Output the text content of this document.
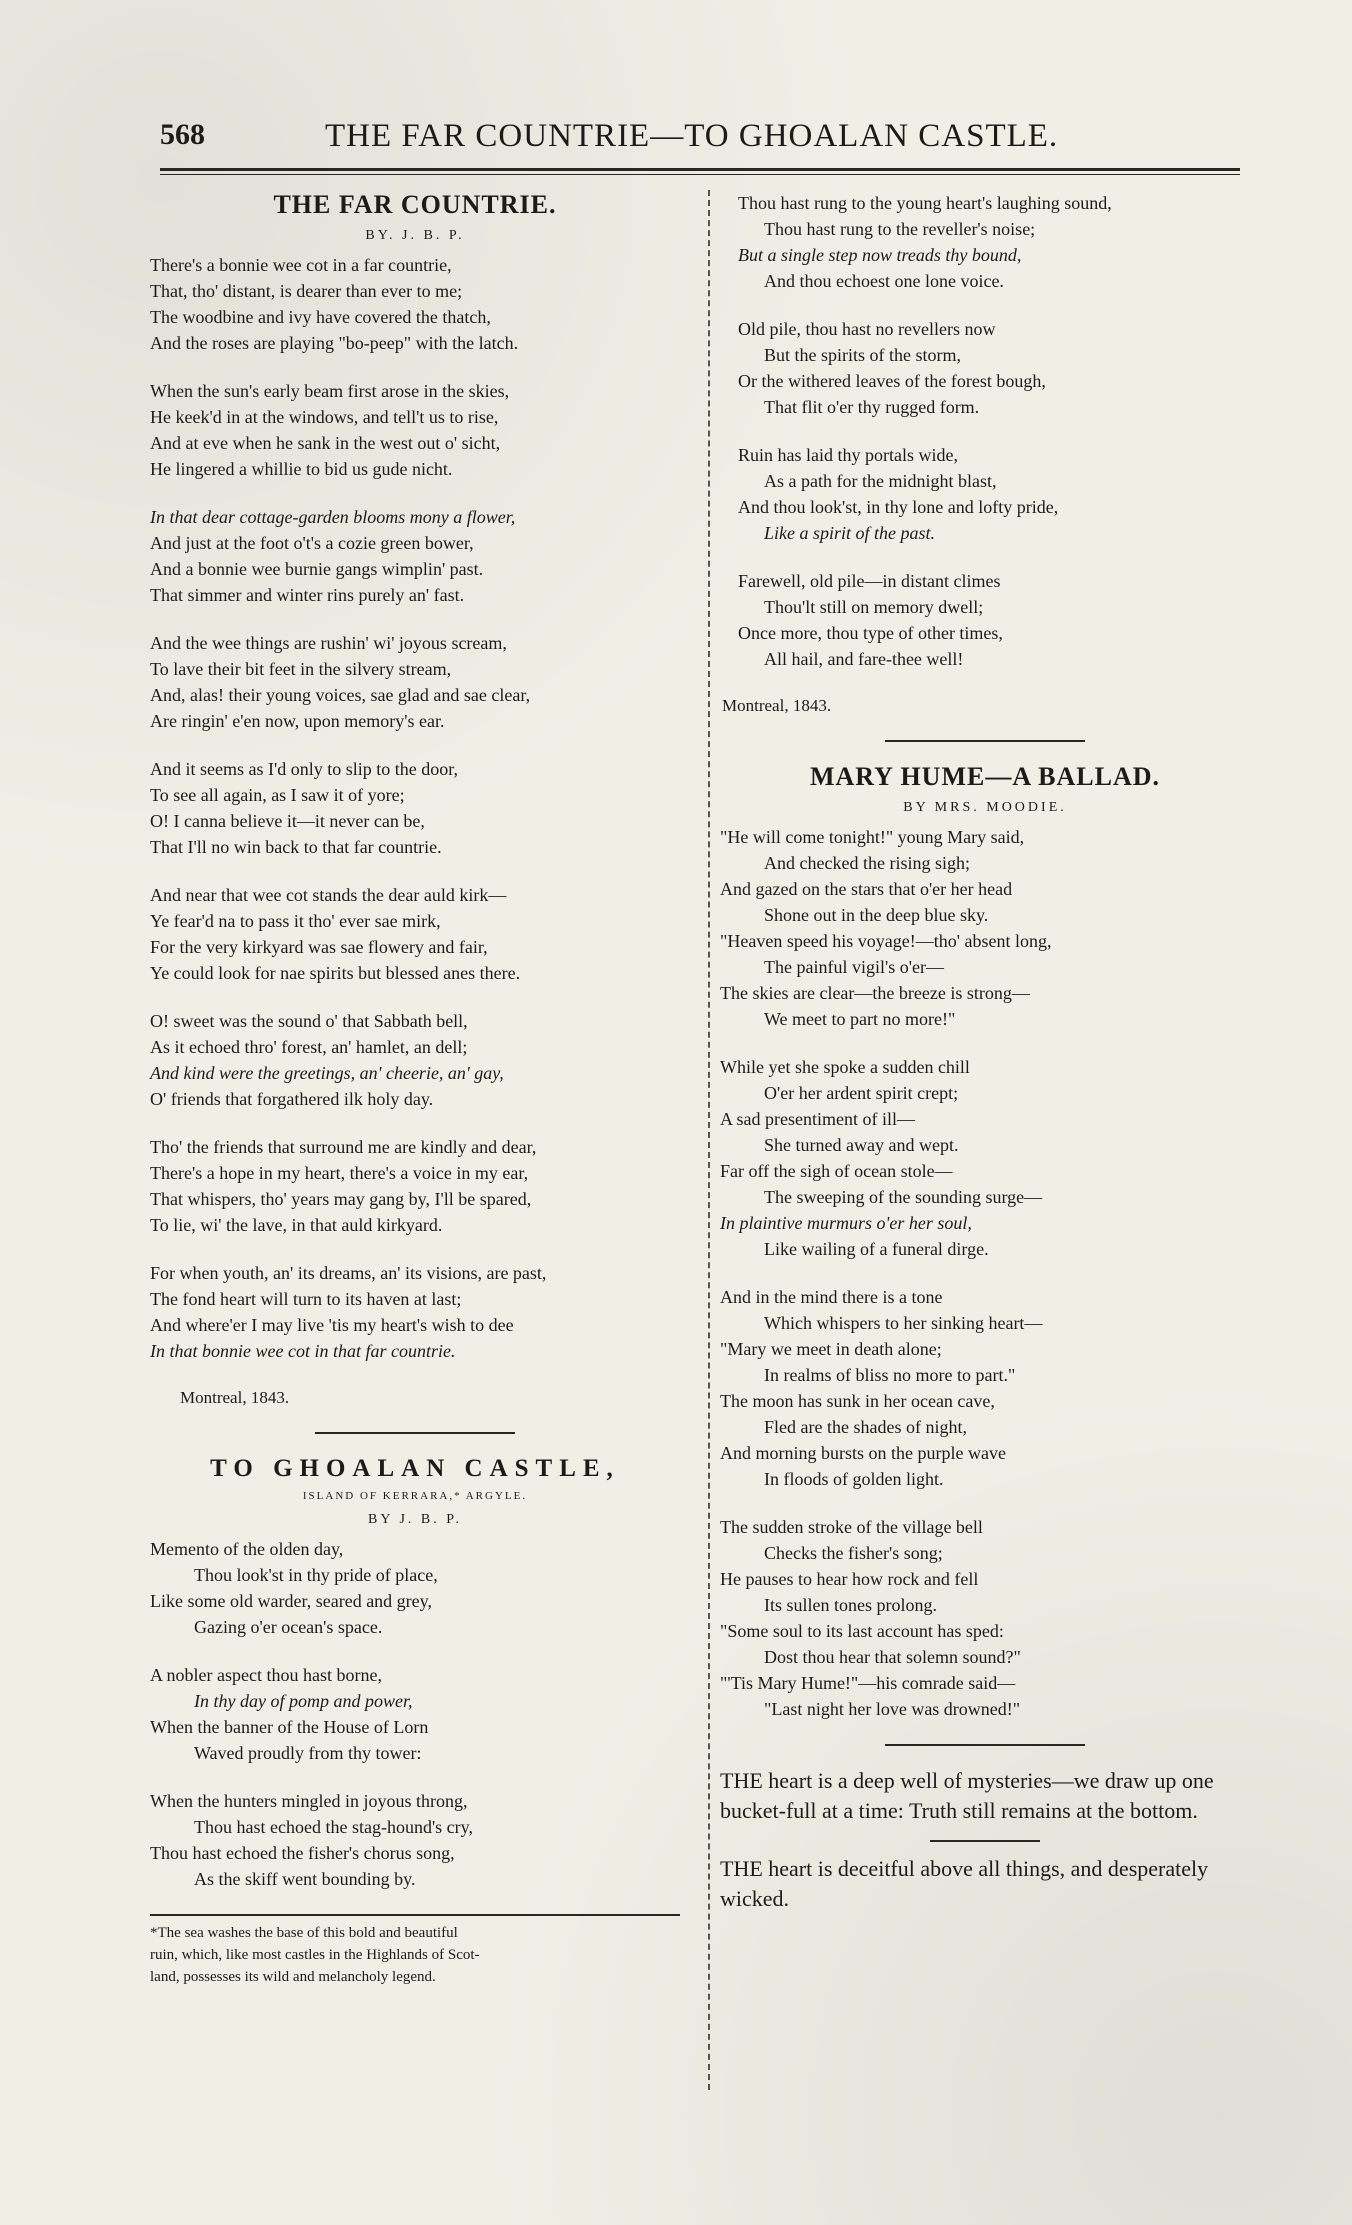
568	THE FAR COUNTRIE—TO GHOALAN CASTLE.
THE FAR COUNTRIE.
BY. J. B. P.
There's a bonnie wee cot in a far countrie,
That, tho' distant, is dearer than ever to me;
The woodbine and ivy have covered the thatch,
And the roses are playing "bo-peep" with the latch.
When the sun's early beam first arose in the skies,
He keek'd in at the windows, and tell't us to rise,
And at eve when he sank in the west out o' sicht,
He lingered a whillie to bid us gude nicht.
In that dear cottage-garden blooms mony a flower,
And just at the foot o't's a cozie green bower,
And a bonnie wee burnie gangs wimplin' past.
That simmer and winter rins purely an' fast.
And the wee things are rushin' wi' joyous scream,
To lave their bit feet in the silvery stream,
And, alas! their young voices, sae glad and sae clear,
Are ringin' e'en now, upon memory's ear.
And it seems as I'd only to slip to the door,
To see all again, as I saw it of yore;
O! I canna believe it—it never can be,
That I'll no win back to that far countrie.
And near that wee cot stands the dear auld kirk—
Ye fear'd na to pass it tho' ever sae mirk,
For the very kirkyard was sae flowery and fair,
Ye could look for nae spirits but blessed anes there.
O! sweet was the sound o' that Sabbath bell,
As it echoed thro' forest, an' hamlet, an dell;
And kind were the greetings, an' cheerie, an' gay,
O' friends that forgathered ilk holy day.
Tho' the friends that surround me are kindly and dear,
There's a hope in my heart, there's a voice in my ear,
That whispers, tho' years may gang by, I'll be spared,
To lie, wi' the lave, in that auld kirkyard.
For when youth, an' its dreams, an' its visions, are past,
The fond heart will turn to its haven at last;
And where'er I may live 'tis my heart's wish to dee
In that bonnie wee cot in that far countrie.
Montreal, 1843.
TO GHOALAN CASTLE,
ISLAND OF KERRARA,* ARGYLE.
BY J. B. P.
Memento of the olden day,
Thou look'st in thy pride of place,
Like some old warder, seared and grey,
Gazing o'er ocean's space.
A nobler aspect thou hast borne,
In thy day of pomp and power,
When the banner of the House of Lorn
Waved proudly from thy tower:
When the hunters mingled in joyous throng,
Thou hast echoed the stag-hound's cry,
Thou hast echoed the fisher's chorus song,
As the skiff went bounding by.
*The sea washes the base of this bold and beautiful
ruin, which, like most castles in the Highlands of Scot-
land, possesses its wild and melancholy legend.
Thou hast rung to the young heart's laughing sound,
Thou hast rung to the reveller's noise;
But a single step now treads thy bound,
And thou echoest one lone voice.
Old pile, thou hast no revellers now
But the spirits of the storm,
Or the withered leaves of the forest bough,
That flit o'er thy rugged form.
Ruin has laid thy portals wide,
As a path for the midnight blast,
And thou look'st, in thy lone and lofty pride,
Like a spirit of the past.
Farewell, old pile—in distant climes
Thou'lt still on memory dwell;
Once more, thou type of other times,
All hail, and fare-thee well!
Montreal, 1843.
MARY HUME—A BALLAD.
BY MRS. MOODIE.
"He will come tonight!" young Mary said,
And checked the rising sigh;
And gazed on the stars that o'er her head
Shone out in the deep blue sky.
"Heaven speed his voyage!—tho' absent long,
The painful vigil's o'er—
The skies are clear—the breeze is strong—
We meet to part no more!"
While yet she spoke a sudden chill
O'er her ardent spirit crept;
A sad presentiment of ill—
She turned away and wept.
Far off the sigh of ocean stole—
The sweeping of the sounding surge—
In plaintive murmurs o'er her soul,
Like wailing of a funeral dirge.
And in the mind there is a tone
Which whispers to her sinking heart—
"Mary we meet in death alone;
In realms of bliss no more to part."
The moon has sunk in her ocean cave,
Fled are the shades of night,
And morning bursts on the purple wave
In floods of golden light.
The sudden stroke of the village bell
Checks the fisher's song;
He pauses to hear how rock and fell
Its sullen tones prolong.
"Some soul to its last account has sped:
Dost thou hear that solemn sound?"
"'Tis Mary Hume!"—his comrade said—
"Last night her love was drowned!"

THE heart is a deep well of mysteries—we draw up one bucket-full at a time: Truth still remains at the bottom.

THE heart is deceitful above all things, and desperately wicked.
